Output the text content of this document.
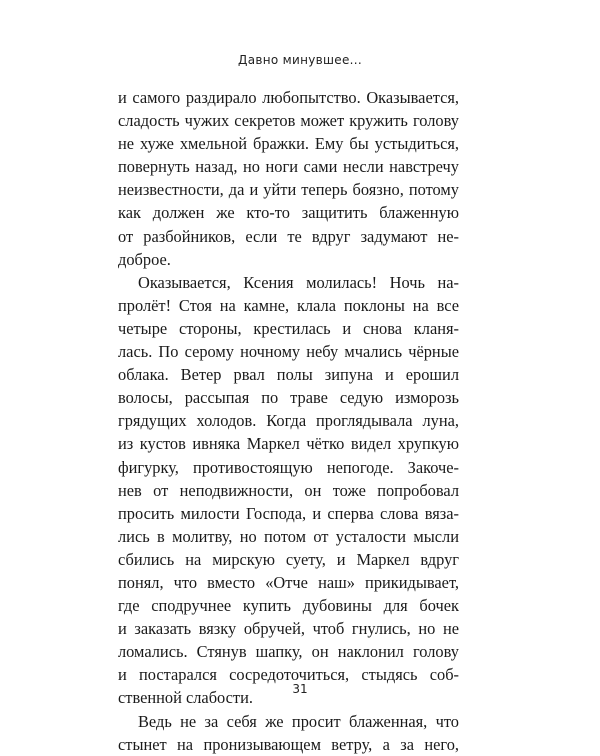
Давно минувшее...
и самого раздирало любопытство. Оказывается,
сладость чужих секретов может кружить голову
не хуже хмельной бражки. Ему бы устыдиться,
повернуть назад, но ноги сами несли навстречу
неизвестности, да и уйти теперь боязно, потому
как должен же кто-то защитить блаженную
от разбойников, если те вдруг задумают не-
доброе.
Оказывается, Ксения молилась! Ночь на-
пролёт! Стоя на камне, клала поклоны на все
четыре стороны, крестилась и снова кланя-
лась. По серому ночному небу мчались чёрные
облака. Ветер рвал полы зипуна и ерошил
волосы, рассыпая по траве седую изморозь
грядущих холодов. Когда проглядывала луна,
из кустов ивняка Маркел чётко видел хрупкую
фигурку, противостоящую непогоде. Закоче-
нев от неподвижности, он тоже попробовал
просить милости Господа, и сперва слова вяза-
лись в молитву, но потом от усталости мысли
сбились на мирскую суету, и Маркел вдруг
понял, что вместо «Отче наш» прикидывает,
где сподручнее купить дубовины для бочек
и заказать вязку обручей, чтоб гнулись, но не
ломались. Стянув шапку, он наклонил голову
и постарался сосредоточиться, стыдясь соб-
ственной слабости.
Ведь не за себя же просит блаженная, что
стынет на пронизывающем ветру, а за него,
31
